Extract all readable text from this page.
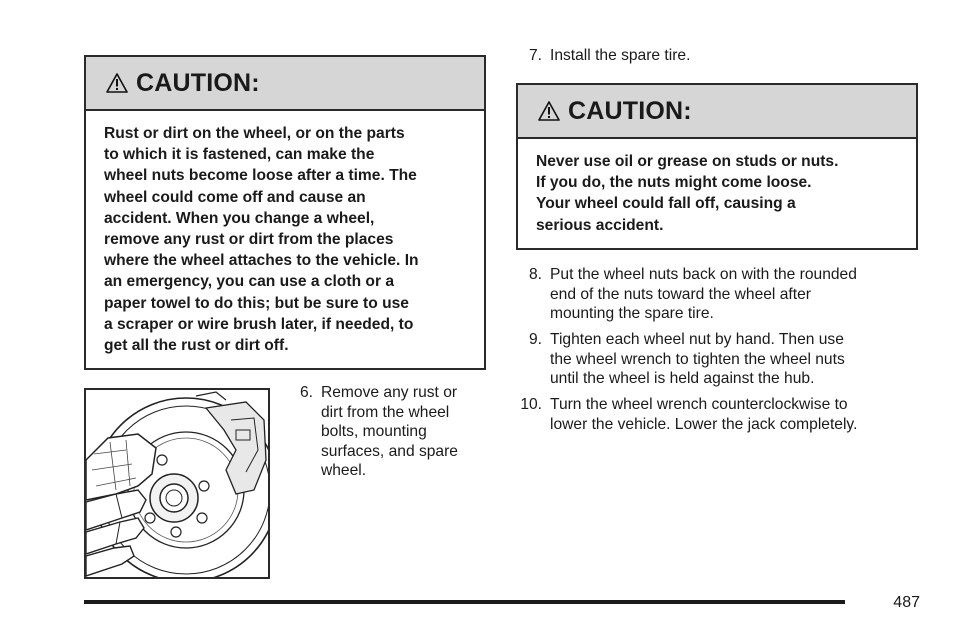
CAUTION:
Rust or dirt on the wheel, or on the parts
to which it is fastened, can make the
wheel nuts become loose after a time. The
wheel could come off and cause an
accident. When you change a wheel,
remove any rust or dirt from the places
where the wheel attaches to the vehicle. In
an emergency, you can use a cloth or a
paper towel to do this; but be sure to use
a scraper or wire brush later, if needed, to
get all the rust or dirt off.
6. Remove any rust or
dirt from the wheel
bolts, mounting
surfaces, and spare
wheel.
7. Install the spare tire.
CAUTION:
Never use oil or grease on studs or nuts.
If you do, the nuts might come loose.
Your wheel could fall off, causing a
serious accident.
8. Put the wheel nuts back on with the rounded
end of the nuts toward the wheel after
mounting the spare tire.
9. Tighten each wheel nut by hand. Then use
the wheel wrench to tighten the wheel nuts
until the wheel is held against the hub.
10. Turn the wheel wrench counterclockwise to
lower the vehicle. Lower the jack completely.
487
